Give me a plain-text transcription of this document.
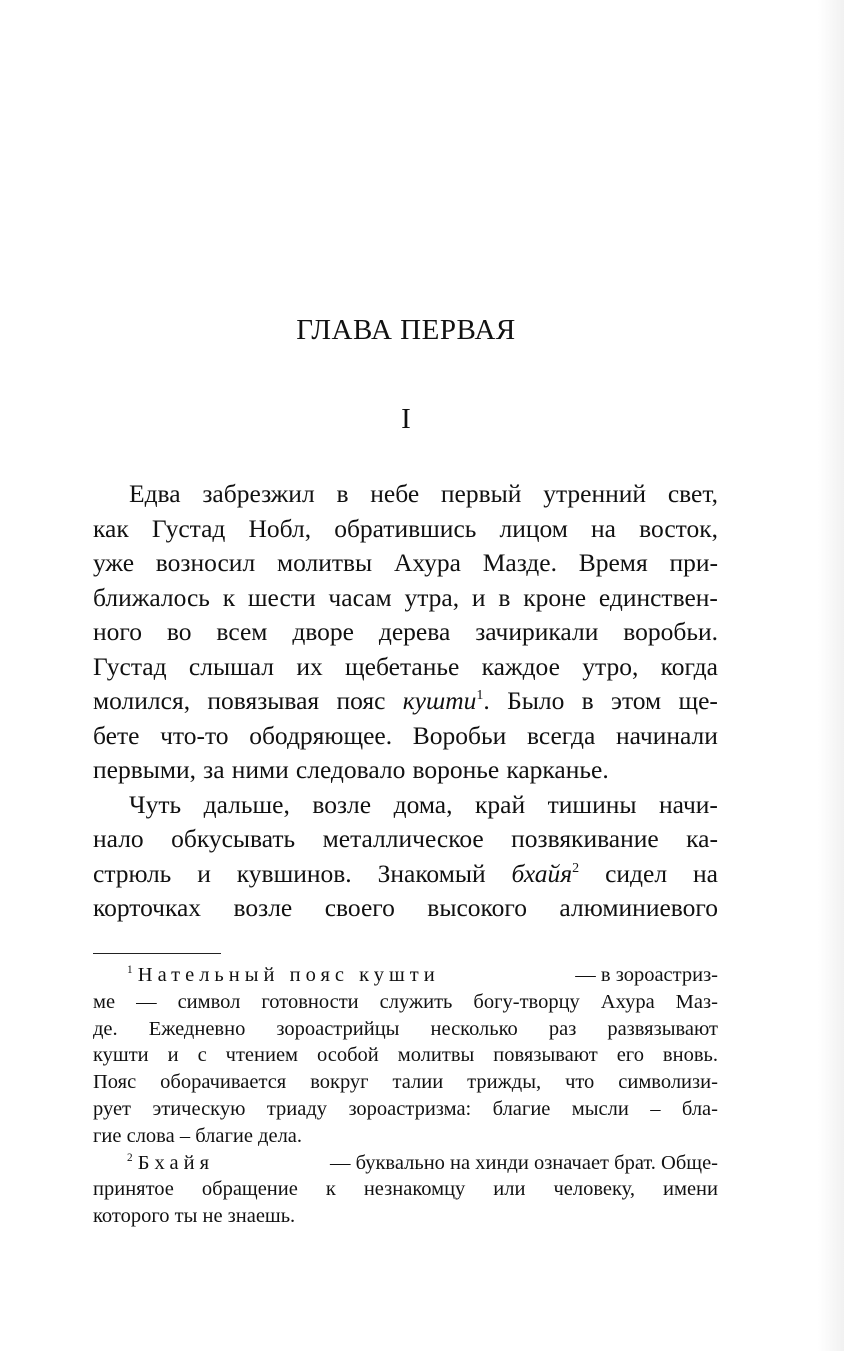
ГЛАВА ПЕРВАЯ
I
Едва забрезжил в небе первый утренний свет,
как Густад Нобл, обратившись лицом на восток,
уже возносил молитвы Ахура Мазде. Время при-
ближалось к шести часам утра, и в кроне единствен-
ного во всем дворе дерева зачирикали воробьи.
Густад слышал их щебетанье каждое утро, когда
молился, повязывая пояс кушти$^1$. Было в этом ще-
бете что-то ободряющее. Воробьи всегда начинали
первыми, за ними следовало воронье карканье.
Чуть дальше, возле дома, край тишины начи-
нало обкусывать металлическое позвякивание ка-
стрюль и кувшинов. Знакомый бхайя$^2$ сидел на
корточках возле своего высокого алюминиевого
$^1$ Нательный пояс кушти	— в зороастриз-
ме — символ готовности служить богу-творцу Ахура Маз-
де. Ежедневно зороастрийцы несколько раз развязывают
кушти и с чтением особой молитвы повязывают его вновь.
Пояс оборачивается вокруг талии трижды, что символизи-
рует этическую триаду зороастризма: благие мысли – бла-
гие слова – благие дела.
$^2$ Бхайя	— буквально на хинди означает брат. Обще-
принятое обращение к незнакомцу или человеку, имени
которого ты не знаешь.
